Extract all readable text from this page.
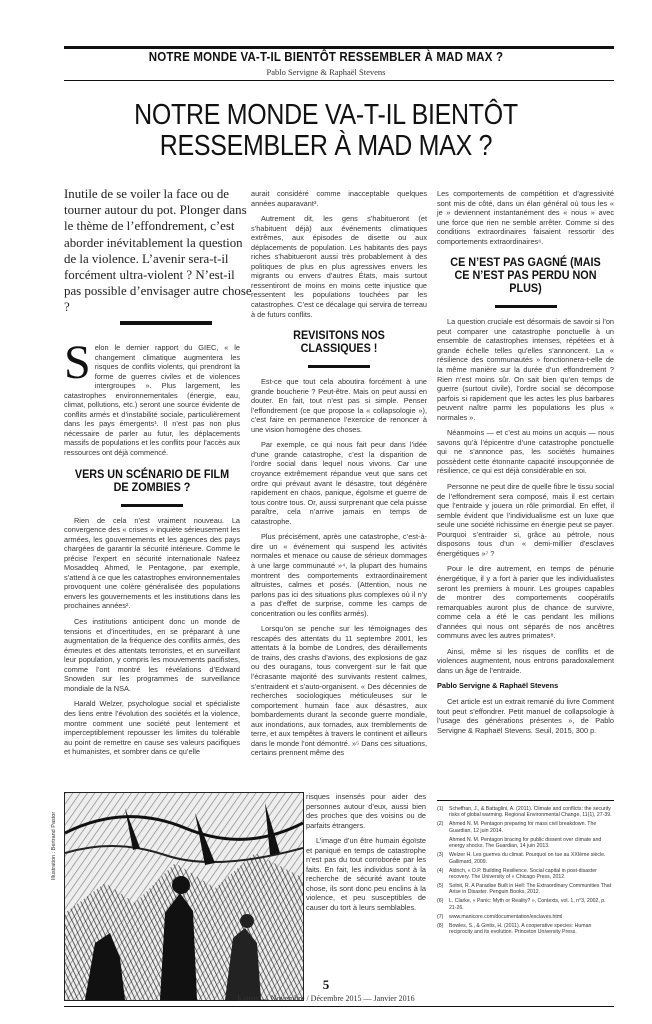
NOTRE MONDE VA-T-IL BIENTÔT RESSEMBLER À MAD MAX ?
Pablo Servigne & Raphaël Stevens
NOTRE MONDE VA-T-IL BIENTÔT
RESSEMBLER À MAD MAX ?
Inutile de se voiler la face ou de tourner autour du pot. Plonger dans le thème de l’effondrement, c’est aborder inévitablement la question de la violence. L’avenir sera-t-il forcément ultra-violent ? N’est-il pas possible d’envisager autre chose ?

Selon le dernier rapport du GIEC, « le changement climatique augmentera les risques de conflits violents, qui prendront la forme de guerres civiles et de violences intergroupes ». Plus largement, les catastrophes environnementales (énergie, eau, climat, pollutions, etc.) seront une source évidente de conflits armés et d’instabilité sociale, particulièrement dans les pays émergents¹. Il n’est pas non plus nécessaire de parler au futur, les déplacements massifs de populations et les conflits pour l’accès aux ressources ont déjà commencé.

VERS UN SCÉNARIO DE FILM DE ZOMBIES ?

Rien de cela n’est vraiment nouveau. La convergence des « crises » inquiète sérieusement les armées, les gouvernements et les agences des pays chargées de garantir la sécurité intérieure. Comme le précise l’expert en sécurité internationale Nafeez Mosaddeq Ahmed, le Pentagone, par exemple, s’attend à ce que les catastrophes environnementales provoquent une colère généralisée des populations envers les gouvernements et les institutions dans les prochaines années².

Ces institutions anticipent donc un monde de tensions et d’incertitudes, en se préparant à une augmentation de la fréquence des conflits armés, des émeutes et des attentats terroristes, et en surveillant leur population, y compris les mouvements pacifistes, comme l’ont montré les révélations d’Edward Snowden sur les programmes de surveillance mondiale de la NSA.

Harald Welzer, psychologue social et spécialiste des liens entre l’évolution des sociétés et la violence, montre comment une société peut lentement et imperceptiblement repousser les limites du tolérable au point de remettre en cause ses valeurs pacifiques et humanistes, et sombrer dans ce qu’elle

aurait considéré comme inacceptable quelques années auparavant³.

Autrement dit, les gens s’habitueront (et s’habituent déjà) aux événements climatiques extrêmes, aux épisodes de disette ou aux déplacements de population. Les habitants des pays riches s’habitueront aussi très probablement à des politiques de plus en plus agressives envers les migrants ou envers d’autres États, mais surtout ressentiront de moins en moins cette injustice que ressentent les populations touchées par les catastrophes. C’est ce décalage qui servira de terreau à de futurs conflits.

REVISITONS NOS CLASSIQUES !

Est-ce que tout cela aboutira forcément à une grande boucherie ? Peut-être. Mais on peut aussi en douter. En fait, tout n’est pas si simple. Penser l’effondrement (ce que propose la « collapsologie »), c’est faire en permanence l’exercice de renoncer à une vision homogène des choses.

Par exemple, ce qui nous fait peur dans l’idée d’une grande catastrophe, c’est la disparition de l’ordre social dans lequel nous vivons. Car une croyance extrêmement répandue veut que sans cet ordre qui prévaut avant le désastre, tout dégénère rapidement en chaos, panique, égoïsme et guerre de tous contre tous. Or, aussi surprenant que cela puisse paraître, cela n’arrive jamais en temps de catastrophe.

Plus précisément, après une catastrophe, c’est-à-dire un « événement qui suspend les activités normales et menace ou cause de sérieux dommages à une large communauté »⁴, la plupart des humains montrent des comportements extraordinairement altruistes, calmes et posés. (Attention, nous ne parlons pas ici des situations plus complexes où il n’y a pas d’effet de surprise, comme les camps de concentration ou les conflits armés).

Lorsqu’on se penche sur les témoignages des rescapés des attentats du 11 septembre 2001, les attentats à la bombe de Londres, des déraillements de trains, des crashs d’avions, des explosions de gaz ou des ouragans, tous convergent sur le fait que l’écrasante majorité des survivants restent calmes, s’entraident et s’auto-organisent. « Des décennies de recherches sociologiques méticuleuses sur le comportement humain face aux désastres, aux bombardements durant la seconde guerre mondiale, aux inondations, aux tornades, aux tremblements de terre, et aux tempêtes à travers le continent et ailleurs dans le monde l’ont démontré. »⁵ Dans ces situations, certains prennent même des

Illustration : Bertrand Pastor

risques insensés pour aider des personnes autour d’eux, aussi bien des proches que des voisins ou de parfaits étrangers.

L’image d’un être humain égoïste et paniqué en temps de catastrophe n’est pas du tout corroborée par les faits. En fait, les individus sont à la recherche de sécurité avant toute chose, ils sont donc peu enclins à la violence, et peu susceptibles de causer du tort à leurs semblables.

Les comportements de compétition et d’agressivité sont mis de côté, dans un élan général où tous les « je » deviennent instantanément des « nous » avec une force que rien ne semble arrêter. Comme si des conditions extraordinaires faisaient ressortir des comportements extraordinaires⁶.

CE N’EST PAS GAGNÉ (MAIS CE N’EST PAS PERDU NON PLUS)

La question cruciale est désormais de savoir si l’on peut comparer une catastrophe ponctuelle à un ensemble de catastrophes intenses, répétées et à grande échelle telles qu’elles s’annoncent. La « résilience des communautés » fonctionnera-t-elle de la même manière sur la durée d’un effondrement ? Rien n’est moins sûr. On sait bien qu’en temps de guerre (surtout civile), l’ordre social se décompose parfois si rapidement que les actes les plus barbares peuvent naître parmi les populations les plus « normales ».

Néanmoins — et c’est au moins un acquis — nous savons qu’à l’épicentre d’une catastrophe ponctuelle qui ne s’annonce pas, les sociétés humaines possèdent cette étonnante capacité insoupçonnée de résilience, ce qui est déjà considérable en soi.

Personne ne peut dire de quelle fibre le tissu social de l’effondrement sera composé, mais il est certain que l’entraide y jouera un rôle primordial. En effet, il semble évident que l’individualisme est un luxe que seule une société richissime en énergie peut se payer. Pourquoi s’entraider si, grâce au pétrole, nous disposons tous d’un « demi-millier d’esclaves énergétiques »⁷ ?

Pour le dire autrement, en temps de pénurie énergétique, il y a fort à parier que les individualistes seront les premiers à mourir. Les groupes capables de montrer des comportements coopératifs remarquables auront plus de chance de survivre, comme cela a été le cas pendant les millions d’années qui nous ont séparés de nos ancêtres communs avec les autres primates⁸.

Ainsi, même si les risques de conflits et de violences augmentent, nous entrons paradoxalement dans un âge de l’entraide.

Pablo Servigne & Raphaël Stevens

Cet article est un extrait remanié du livre Comment tout peut s’effondrer. Petit manuel de collapsologie à l’usage des générations présentes », de Pablo Servigne & Raphaël Stevens. Seuil, 2015, 300 p.

(1)	Scheffran, J., & Battaglini, A. (2011). Climate and conflicts: the security risks of global warming. Regional Environmental Change, 11(1), 27-39.
(2)	Ahmed N. M. Pentagon preparing for mass civil breakdown. The Guardian, 12 juin 2014.
Ahmed N. M. Pentagon bracing for public dissent over climate and energy shocks. The Guardian, 14 juin 2013.
(3)	Welzer H. Les guerres du climat. Pourquoi on tue au XXIème siècle. Gallimard, 2009.
(4)	Aldrich, « D.P. Building Resilience. Social capital in post-disaster recovery. The University of « Chicago Press, 2012.
(5)	Solnit, R. A Paradise Built in Hell: The Extraordinary Communities That Arise in Disaster. Penguin Books, 2012.
(6)	L. Clarke, « Panic: Myth or Reality? », Contexts, vol. 1, n°3, 2002, p. 21-26.
(7)	www.manicore.com/documentation/esclaves.html
(8)	Bowles, S., & Gintis, H. (2011). A cooperative species: Human reciprocity and its evolution. Princeton University Press.
5
Kairos — Novembre / Décembre 2015 — Janvier 2016
